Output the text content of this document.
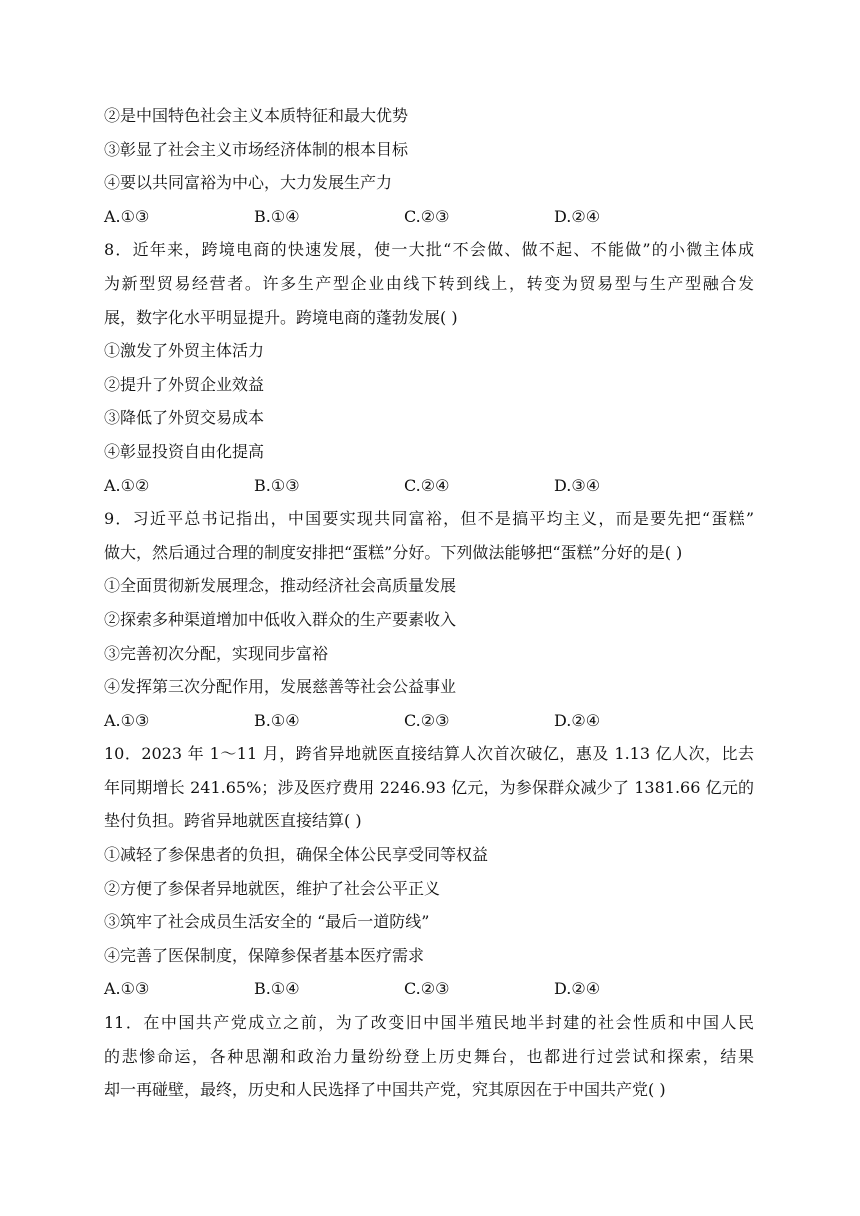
②是中国特色社会主义本质特征和最大优势
③彰显了社会主义市场经济体制的根本目标
④要以共同富裕为中心，大力发展生产力
A.①③	B.①④	C.②③	D.②④
8．近年来，跨境电商的快速发展，使一大批“不会做、做不起、不能做”的小微主体成
为新型贸易经营者。许多生产型企业由线下转到线上，转变为贸易型与生产型融合发
展，数字化水平明显提升。跨境电商的蓬勃发展( )
①激发了外贸主体活力
②提升了外贸企业效益
③降低了外贸交易成本
④彰显投资自由化提高
A.①②	B.①③	C.②④	D.③④
9．习近平总书记指出，中国要实现共同富裕，但不是搞平均主义，而是要先把“蛋糕”
做大，然后通过合理的制度安排把“蛋糕”分好。下列做法能够把“蛋糕”分好的是( )
①全面贯彻新发展理念，推动经济社会高质量发展
②探索多种渠道增加中低收入群众的生产要素收入
③完善初次分配，实现同步富裕
④发挥第三次分配作用，发展慈善等社会公益事业
A.①③	B.①④	C.②③	D.②④
10．2023 年 1～11 月，跨省异地就医直接结算人次首次破亿，惠及 1.13 亿人次，比去
年同期增长 241.65%；涉及医疗费用 2246.93 亿元，为参保群众减少了 1381.66 亿元的
垫付负担。跨省异地就医直接结算( )
①减轻了参保患者的负担，确保全体公民享受同等权益
②方便了参保者异地就医，维护了社会公平正义
③筑牢了社会成员生活安全的 “最后一道防线”
④完善了医保制度，保障参保者基本医疗需求
A.①③	B.①④	C.②③	D.②④
11．在中国共产党成立之前，为了改变旧中国半殖民地半封建的社会性质和中国人民
的悲惨命运，各种思潮和政治力量纷纷登上历史舞台，也都进行过尝试和探索，结果
却一再碰壁，最终，历史和人民选择了中国共产党，究其原因在于中国共产党( )
